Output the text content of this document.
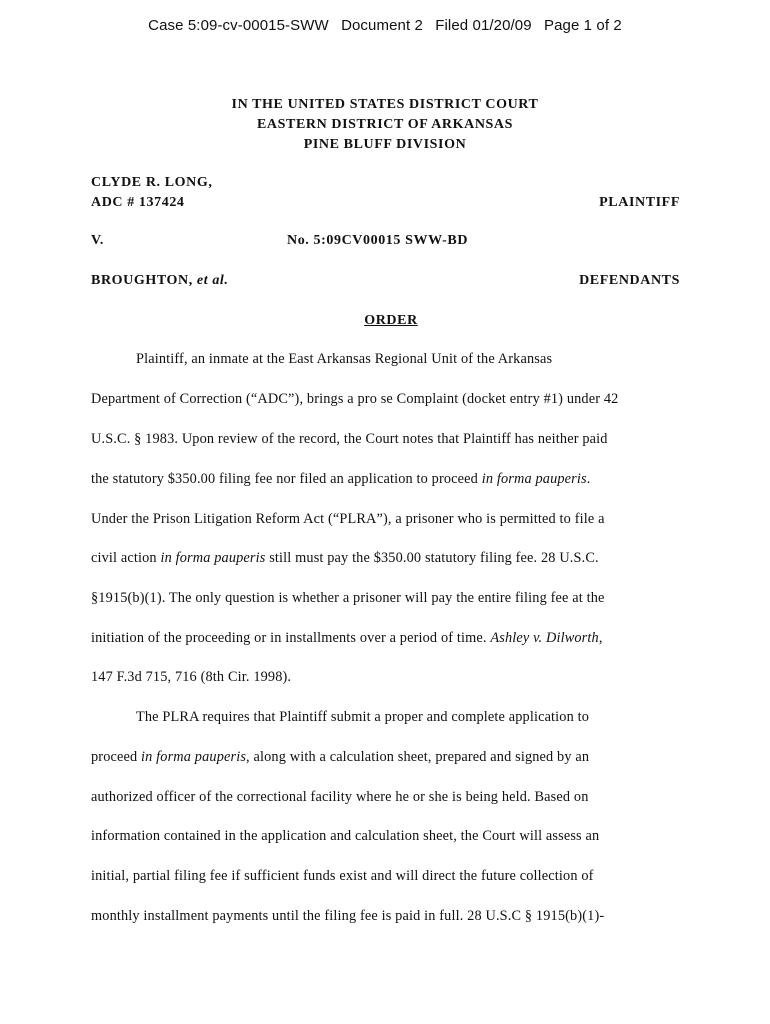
Case 5:09-cv-00015-SWW Document 2 Filed 01/20/09 Page 1 of 2
IN THE UNITED STATES DISTRICT COURT
EASTERN DISTRICT OF ARKANSAS
PINE BLUFF DIVISION
CLYDE R. LONG,
ADC # 137424	PLAINTIFF
V.	No. 5:09CV00015 SWW-BD
BROUGHTON, et al.	DEFENDANTS
ORDER
Plaintiff, an inmate at the East Arkansas Regional Unit of the Arkansas
Department of Correction (“ADC”), brings a pro se Complaint (docket entry #1) under 42
U.S.C. § 1983. Upon review of the record, the Court notes that Plaintiff has neither paid
the statutory $350.00 filing fee nor filed an application to proceed in forma pauperis.
Under the Prison Litigation Reform Act (“PLRA”), a prisoner who is permitted to file a
civil action in forma pauperis still must pay the $350.00 statutory filing fee. 28 U.S.C.
§1915(b)(1). The only question is whether a prisoner will pay the entire filing fee at the
initiation of the proceeding or in installments over a period of time. Ashley v. Dilworth,
147 F.3d 715, 716 (8th Cir. 1998).
The PLRA requires that Plaintiff submit a proper and complete application to
proceed in forma pauperis, along with a calculation sheet, prepared and signed by an
authorized officer of the correctional facility where he or she is being held. Based on
information contained in the application and calculation sheet, the Court will assess an
initial, partial filing fee if sufficient funds exist and will direct the future collection of
monthly installment payments until the filing fee is paid in full. 28 U.S.C § 1915(b)(1)-
